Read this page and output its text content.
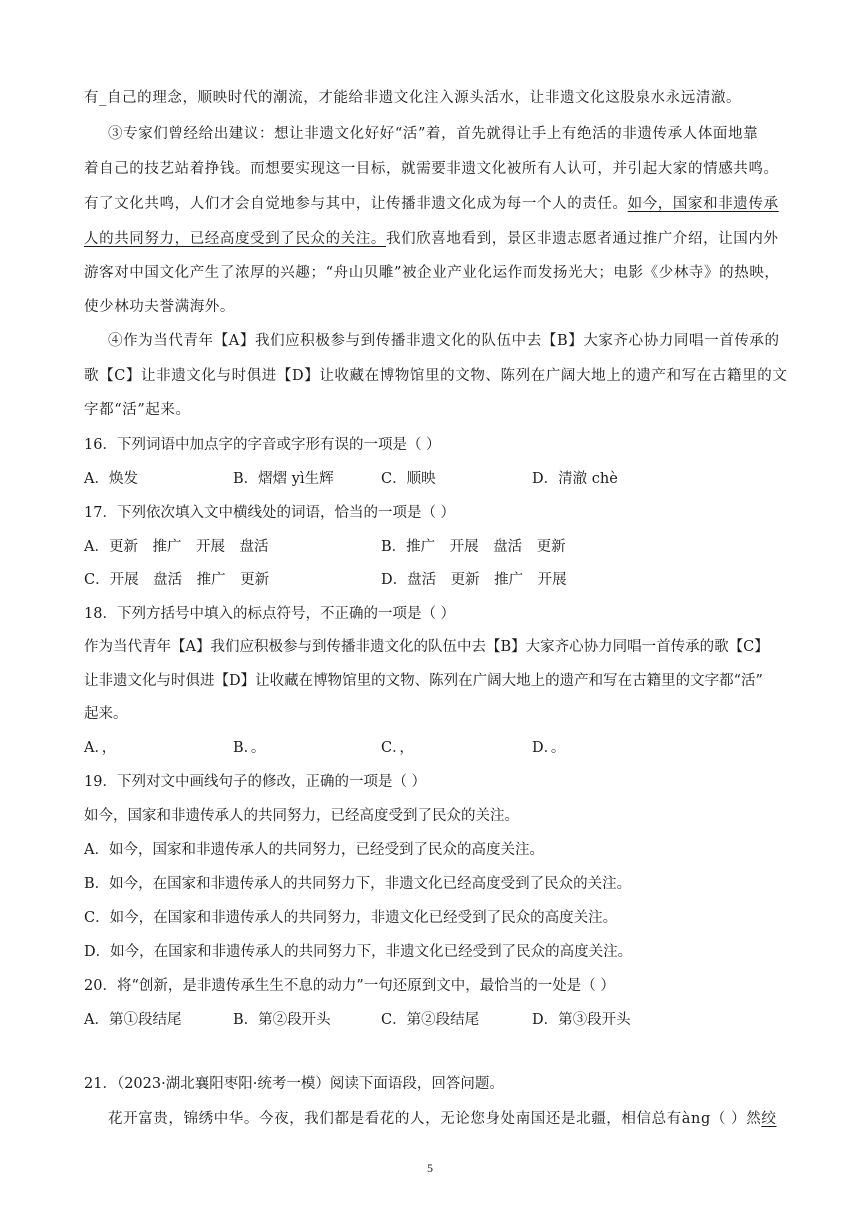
有_自己的理念，顺映时代的潮流，才能给非遗文化注入源头活水，让非遗文化这股泉水永远清澈。
③专家们曾经给出建议：想让非遗文化好好“活”着，首先就得让手上有绝活的非遗传承人体面地靠
着自己的技艺站着挣钱。而想要实现这一目标，就需要非遗文化被所有人认可，并引起大家的情感共鸣。
有了文化共鸣，人们才会自觉地参与其中，让传播非遗文化成为每一个人的责任。如今，国家和非遗传承
人的共同努力，已经高度受到了民众的关注。我们欣喜地看到，景区非遗志愿者通过推广介绍，让国内外
游客对中国文化产生了浓厚的兴趣；“舟山贝雕”被企业产业化运作而发扬光大；电影《少林寺》的热映，
使少林功夫誉满海外。
④作为当代青年【A】我们应积极参与到传播非遗文化的队伍中去【B】大家齐心协力同唱一首传承的
歌【C】让非遗文化与时俱进【D】让收藏在博物馆里的文物、陈列在广阔大地上的遗产和写在古籍里的文
字都“活”起来。
16．下列词语中加点字的字音或字形有误的一项是（ ）
A．焕发	B．熠熠 yì生辉	C．顺映	D．清澈 chè
17．下列依次填入文中横线处的词语，恰当的一项是（ ）
A．更新　推广　开展　盘活	B．推广　开展　盘活　更新
C．开展　盘活　推广　更新	D．盘活　更新　推广　开展
18．下列方括号中填入的标点符号，不正确的一项是（ ）
作为当代青年【A】我们应积极参与到传播非遗文化的队伍中去【B】大家齐心协力同唱一首传承的歌【C】
让非遗文化与时俱进【D】让收藏在博物馆里的文物、陈列在广阔大地上的遗产和写在古籍里的文字都“活”
起来。
A．，	B．。	C．，	D．。
19．下列对文中画线句子的修改，正确的一项是（ ）
如今，国家和非遗传承人的共同努力，已经高度受到了民众的关注。
A．如今，国家和非遗传承人的共同努力，已经受到了民众的高度关注。
B．如今，在国家和非遗传承人的共同努力下，非遗文化已经高度受到了民众的关注。
C．如今，在国家和非遗传承人的共同努力，非遗文化已经受到了民众的高度关注。
D．如今，在国家和非遗传承人的共同努力下，非遗文化已经受到了民众的高度关注。
20．将“创新，是非遗传承生生不息的动力”一句还原到文中，最恰当的一处是（ ）
A．第①段结尾	B．第②段开头	C．第②段结尾	D．第③段开头
21．（2023·湖北襄阳枣阳·统考一模）阅读下面语段，回答问题。
花开富贵，锦绣中华。今夜，我们都是看花的人，无论您身处南国还是北疆，相信总有àng（ ）然绞
5
